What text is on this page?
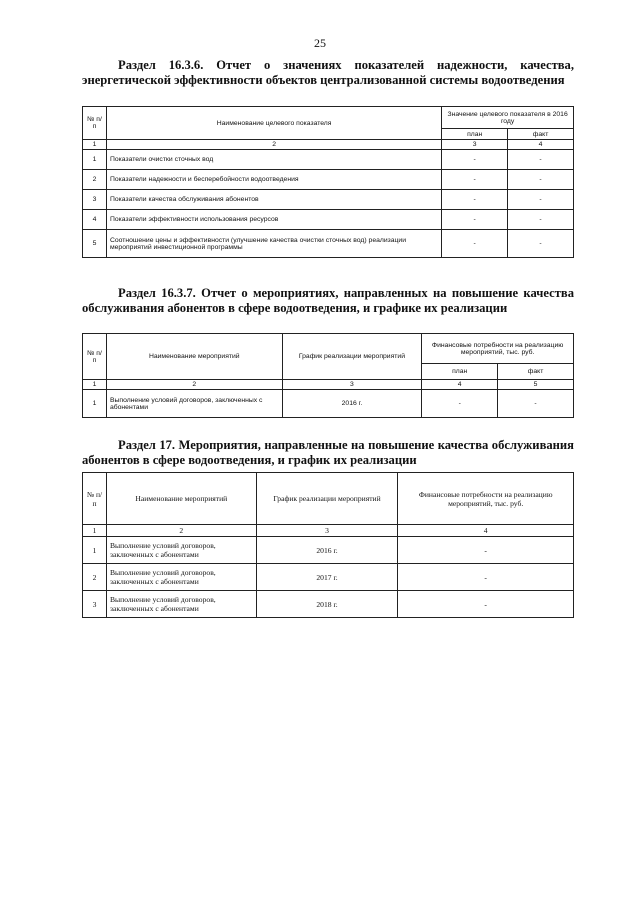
25
Раздел 16.3.6. Отчет о значениях показателей надежности, качества, энергетической эффективности объектов централизованной системы водоотведения
№ п/п	Наименование целевого показателя	Значение целевого показателя в 2016 году	
		план	факт
1	2	3	4
1	Показатели очистки сточных вод	-	-
2	Показатели надежности и бесперебойности водоотведения	-	-
3	Показатели качества обслуживания абонентов	-	-
4	Показатели эффективности использования ресурсов	-	-
5	Соотношение цены и эффективности (улучшение качества очистки сточных вод) реализации мероприятий инвестиционной программы	-	-
Раздел 16.3.7. Отчет о мероприятиях, направленных на повышение качества обслуживания абонентов в сфере водоотведения, и графике их реализации
№ п/п	Наименование мероприятий	График реализации мероприятий	Финансовые потребности на реализацию мероприятий, тыс. руб.	
			план	факт
1	2	3	4	5
1	Выполнение условий договоров, заключенных с абонентами	2016 г.	-	-
Раздел 17. Мероприятия, направленные на повышение качества обслуживания абонентов в сфере водоотведения, и график их реализации
№ п/п	Наименование мероприятий	График реализации мероприятий	Финансовые потребности на реализацию мероприятий, тыс. руб.
1	2	3	4
1	Выполнение условий договоров, заключенных с абонентами	2016 г.	-
2	Выполнение условий договоров, заключенных с абонентами	2017 г.	-
3	Выполнение условий договоров, заключенных с абонентами	2018 г.	-
